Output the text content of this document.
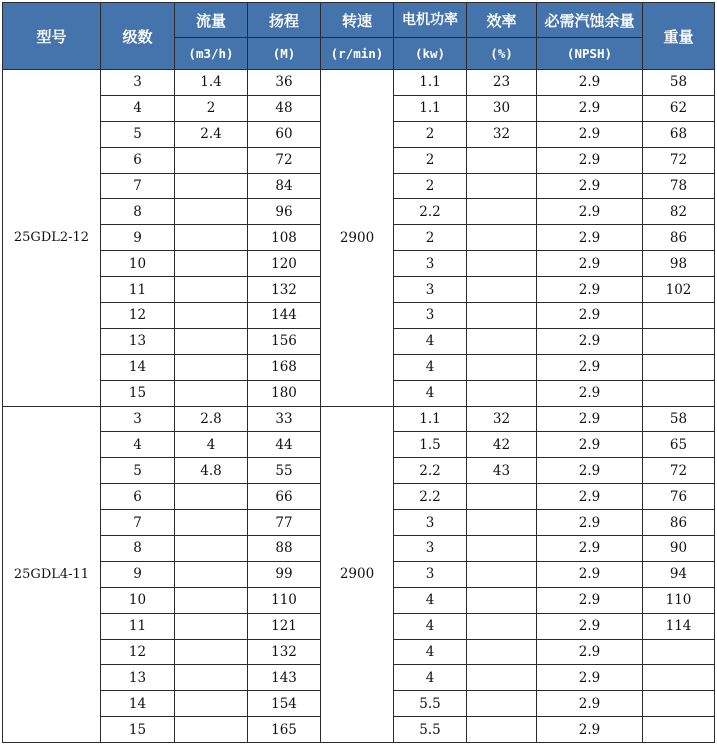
型号	级数	流量	扬程	转速	电机功率	效率	必需汽蚀余量	重量
		(m3/h)	(M)	(r/min)	(kw)	(%)	(NPSH)	
25GDL2-12	3	1.4	36	2900	1.1	23	2.9	58
	4	2	48		1.1	30	2.9	62
	5	2.4	60		2	32	2.9	68
	6		72		2		2.9	72
	7		84		2		2.9	78
	8		96		2.2		2.9	82
	9		108		2		2.9	86
	10		120		3		2.9	98
	11		132		3		2.9	102
	12		144		3		2.9	
	13		156		4		2.9	
	14		168		4		2.9	
	15		180		4		2.9	
25GDL4-11	3	2.8	33	2900	1.1	32	2.9	58
	4	4	44		1.5	42	2.9	65
	5	4.8	55		2.2	43	2.9	72
	6		66		2.2		2.9	76
	7		77		3		2.9	86
	8		88		3		2.9	90
	9		99		3		2.9	94
	10		110		4		2.9	110
	11		121		4		2.9	114
	12		132		4		2.9	
	13		143		4		2.9	
	14		154		5.5		2.9	
	15		165		5.5		2.9	
